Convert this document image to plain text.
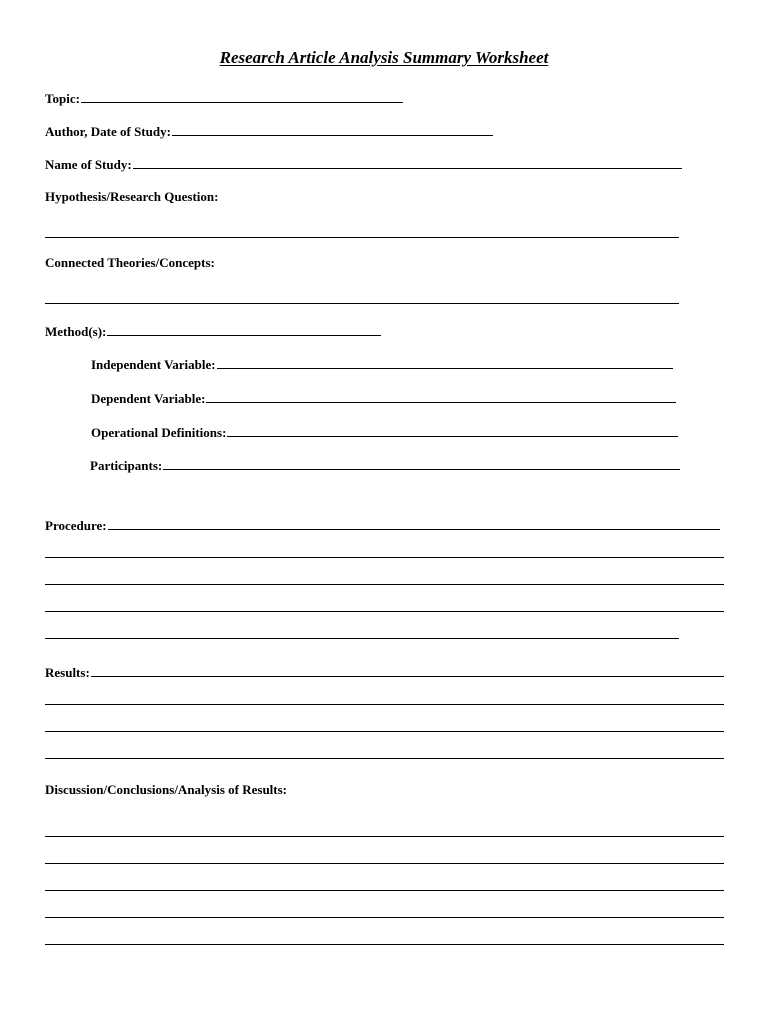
Research Article Analysis Summary Worksheet
Topic:
Author, Date of Study:
Name of Study:
Hypothesis/Research Question:
Connected Theories/Concepts:
Method(s):
Independent Variable:
Dependent Variable:
Operational Definitions:
Participants:
Procedure:
Results:
Discussion/Conclusions/Analysis of Results:
